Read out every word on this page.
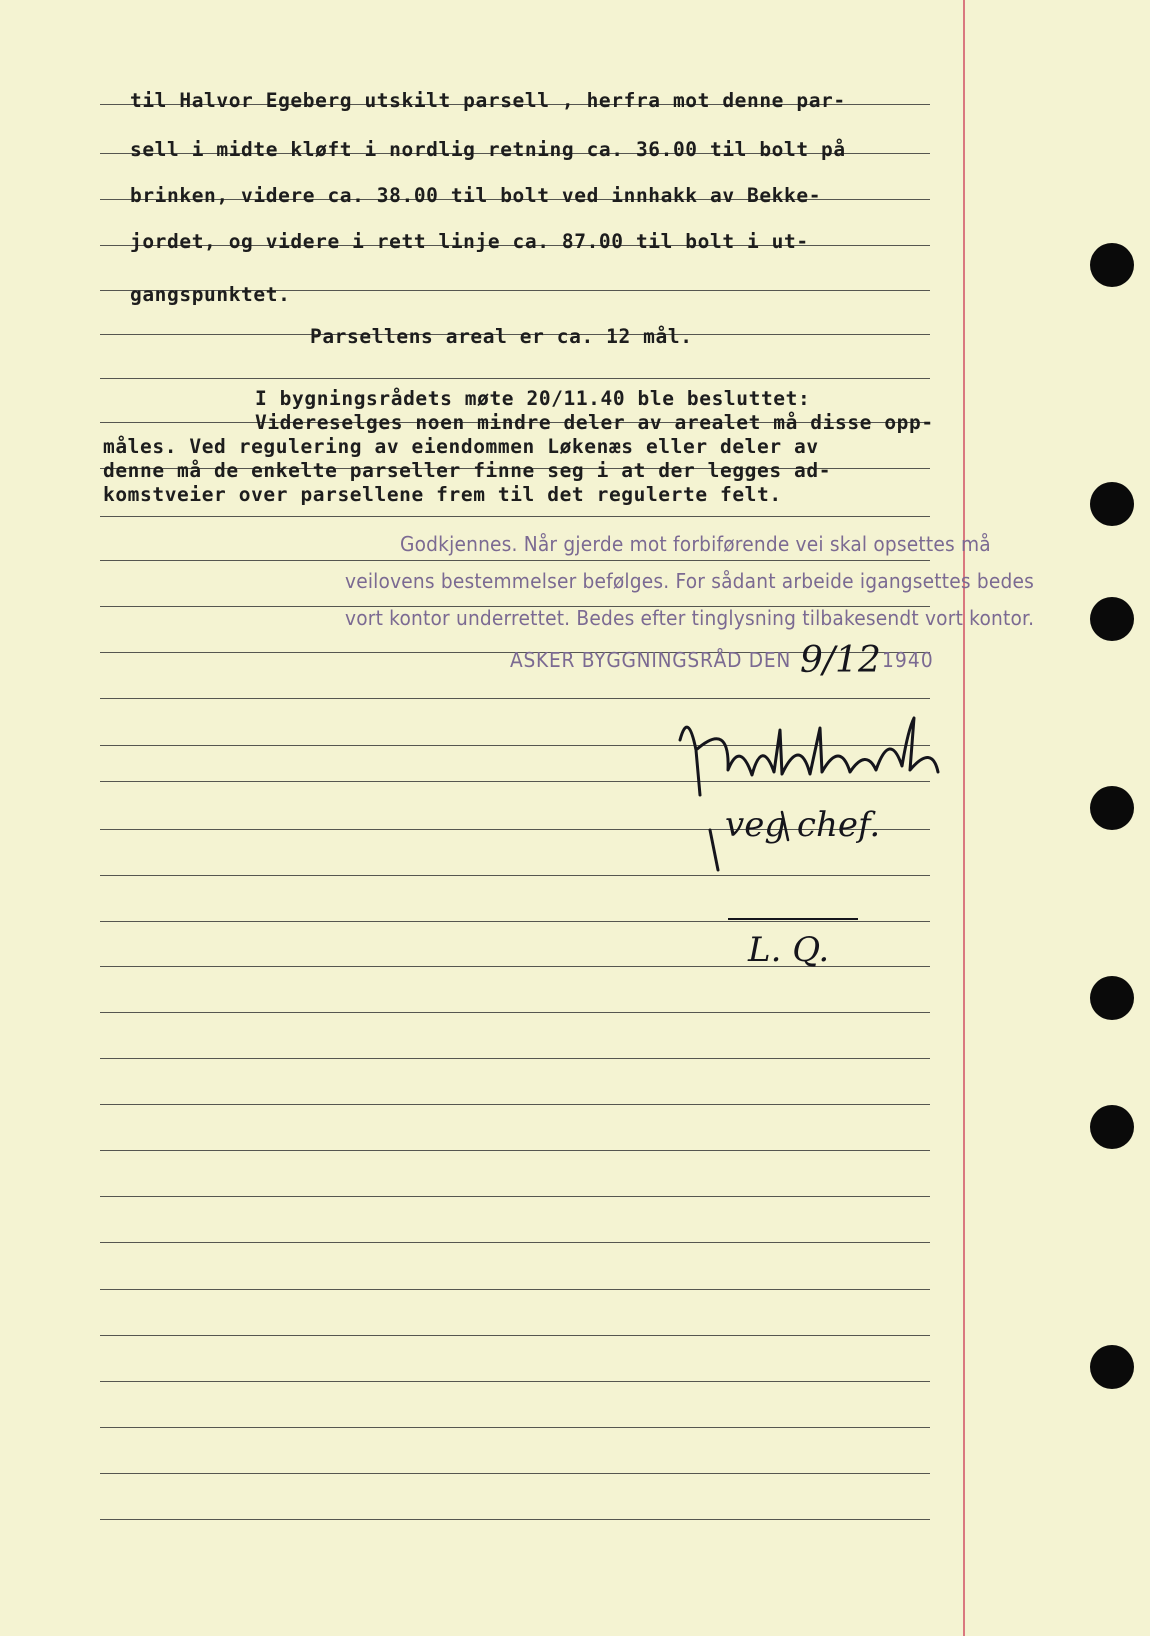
til Halvor Egeberg utskilt parsell , herfra mot denne par-
sell i midte kløft i nordlig retning ca. 36.00 til bolt på
brinken, videre ca. 38.00 til bolt ved innhakk av Bekke-
jordet, og videre i rett linje ca. 87.00 til bolt i ut-
gangspunktet.
Parsellens areal er ca. 12 mål.
I bygningsrådets møte 20/11.40 ble besluttet:
Videreselges noen mindre deler av arealet må disse opp-
måles. Ved regulering av eiendommen Løkenæs eller deler av
denne må de enkelte parseller finne seg i at der legges ad-
komstveier over parsellene frem til det regulerte felt.
Godkjennes. Når gjerde mot forbiførende vei skal opsettes må
veilovens bestemmelser befølges. For sådant arbeide igangsettes bedes
vort kontor underrettet. Bedes efter tinglysning tilbakesendt vort kontor.
ASKER BYGGNINGSRÅD DEN 9/12 1940
veg chef.
L. Q.
